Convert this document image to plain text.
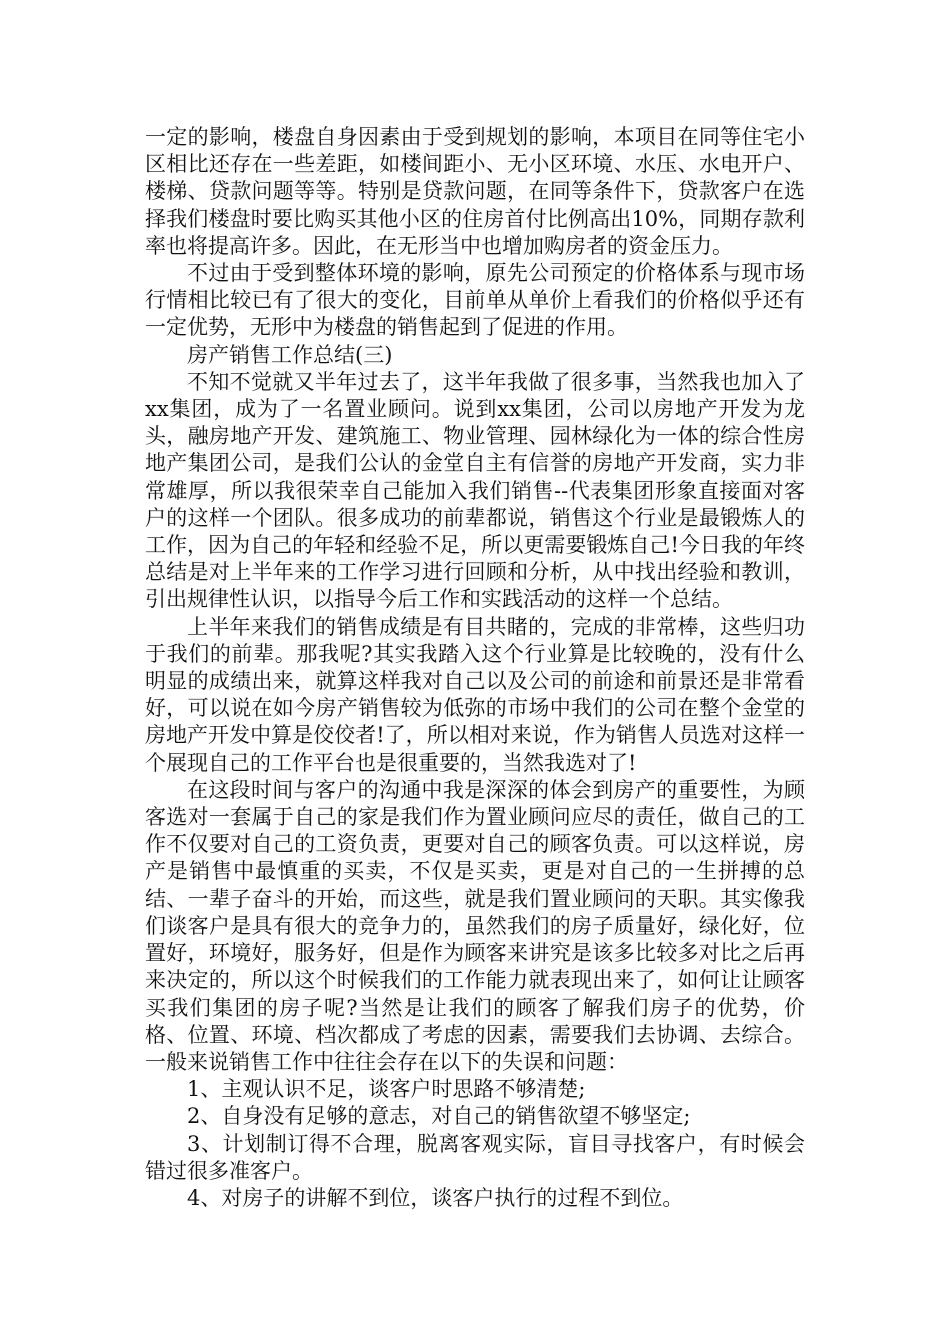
一定的影响，楼盘自身因素由于受到规划的影响，本项目在同等住宅小区相比还存在一些差距，如楼间距小、无小区环境、水压、水电开户、楼梯、贷款问题等等。特别是贷款问题，在同等条件下，贷款客户在选择我们楼盘时要比购买其他小区的住房首付比例高出10%，同期存款利率也将提高许多。因此，在无形当中也增加购房者的资金压力。

不过由于受到整体环境的影响，原先公司预定的价格体系与现市场行情相比较已有了很大的变化，目前单从单价上看我们的价格似乎还有一定优势，无形中为楼盘的销售起到了促进的作用。

房产销售工作总结(三)

不知不觉就又半年过去了，这半年我做了很多事，当然我也加入了xx集团，成为了一名置业顾问。说到xx集团，公司以房地产开发为龙头，融房地产开发、建筑施工、物业管理、园林绿化为一体的综合性房地产集团公司，是我们公认的金堂自主有信誉的房地产开发商，实力非常雄厚，所以我很荣幸自己能加入我们销售--代表集团形象直接面对客户的这样一个团队。很多成功的前辈都说，销售这个行业是最锻炼人的工作，因为自己的年轻和经验不足，所以更需要锻炼自己!今日我的年终总结是对上半年来的工作学习进行回顾和分析，从中找出经验和教训，引出规律性认识，以指导今后工作和实践活动的这样一个总结。

上半年来我们的销售成绩是有目共睹的，完成的非常棒，这些归功于我们的前辈。那我呢?其实我踏入这个行业算是比较晚的，没有什么明显的成绩出来，就算这样我对自己以及公司的前途和前景还是非常看好，可以说在如今房产销售较为低弥的市场中我们的公司在整个金堂的房地产开发中算是佼佼者!了，所以相对来说，作为销售人员选对这样一个展现自己的工作平台也是很重要的，当然我选对了!

在这段时间与客户的沟通中我是深深的体会到房产的重要性，为顾客选对一套属于自己的家是我们作为置业顾问应尽的责任，做自己的工作不仅要对自己的工资负责，更要对自己的顾客负责。可以这样说，房产是销售中最慎重的买卖，不仅是买卖，更是对自己的一生拼搏的总结、一辈子奋斗的开始，而这些，就是我们置业顾问的天职。其实像我们谈客户是具有很大的竞争力的，虽然我们的房子质量好，绿化好，位置好，环境好，服务好，但是作为顾客来讲究是该多比较多对比之后再来决定的，所以这个时候我们的工作能力就表现出来了，如何让让顾客买我们集团的房子呢?当然是让我们的顾客了解我们房子的优势，价格、位置、环境、档次都成了考虑的因素，需要我们去协调、去综合。一般来说销售工作中往往会存在以下的失误和问题：

1、主观认识不足，谈客户时思路不够清楚;

2、自身没有足够的意志，对自己的销售欲望不够坚定;

3、计划制订得不合理，脱离客观实际，盲目寻找客户，有时候会错过很多准客户。

4、对房子的讲解不到位，谈客户执行的过程不到位。
